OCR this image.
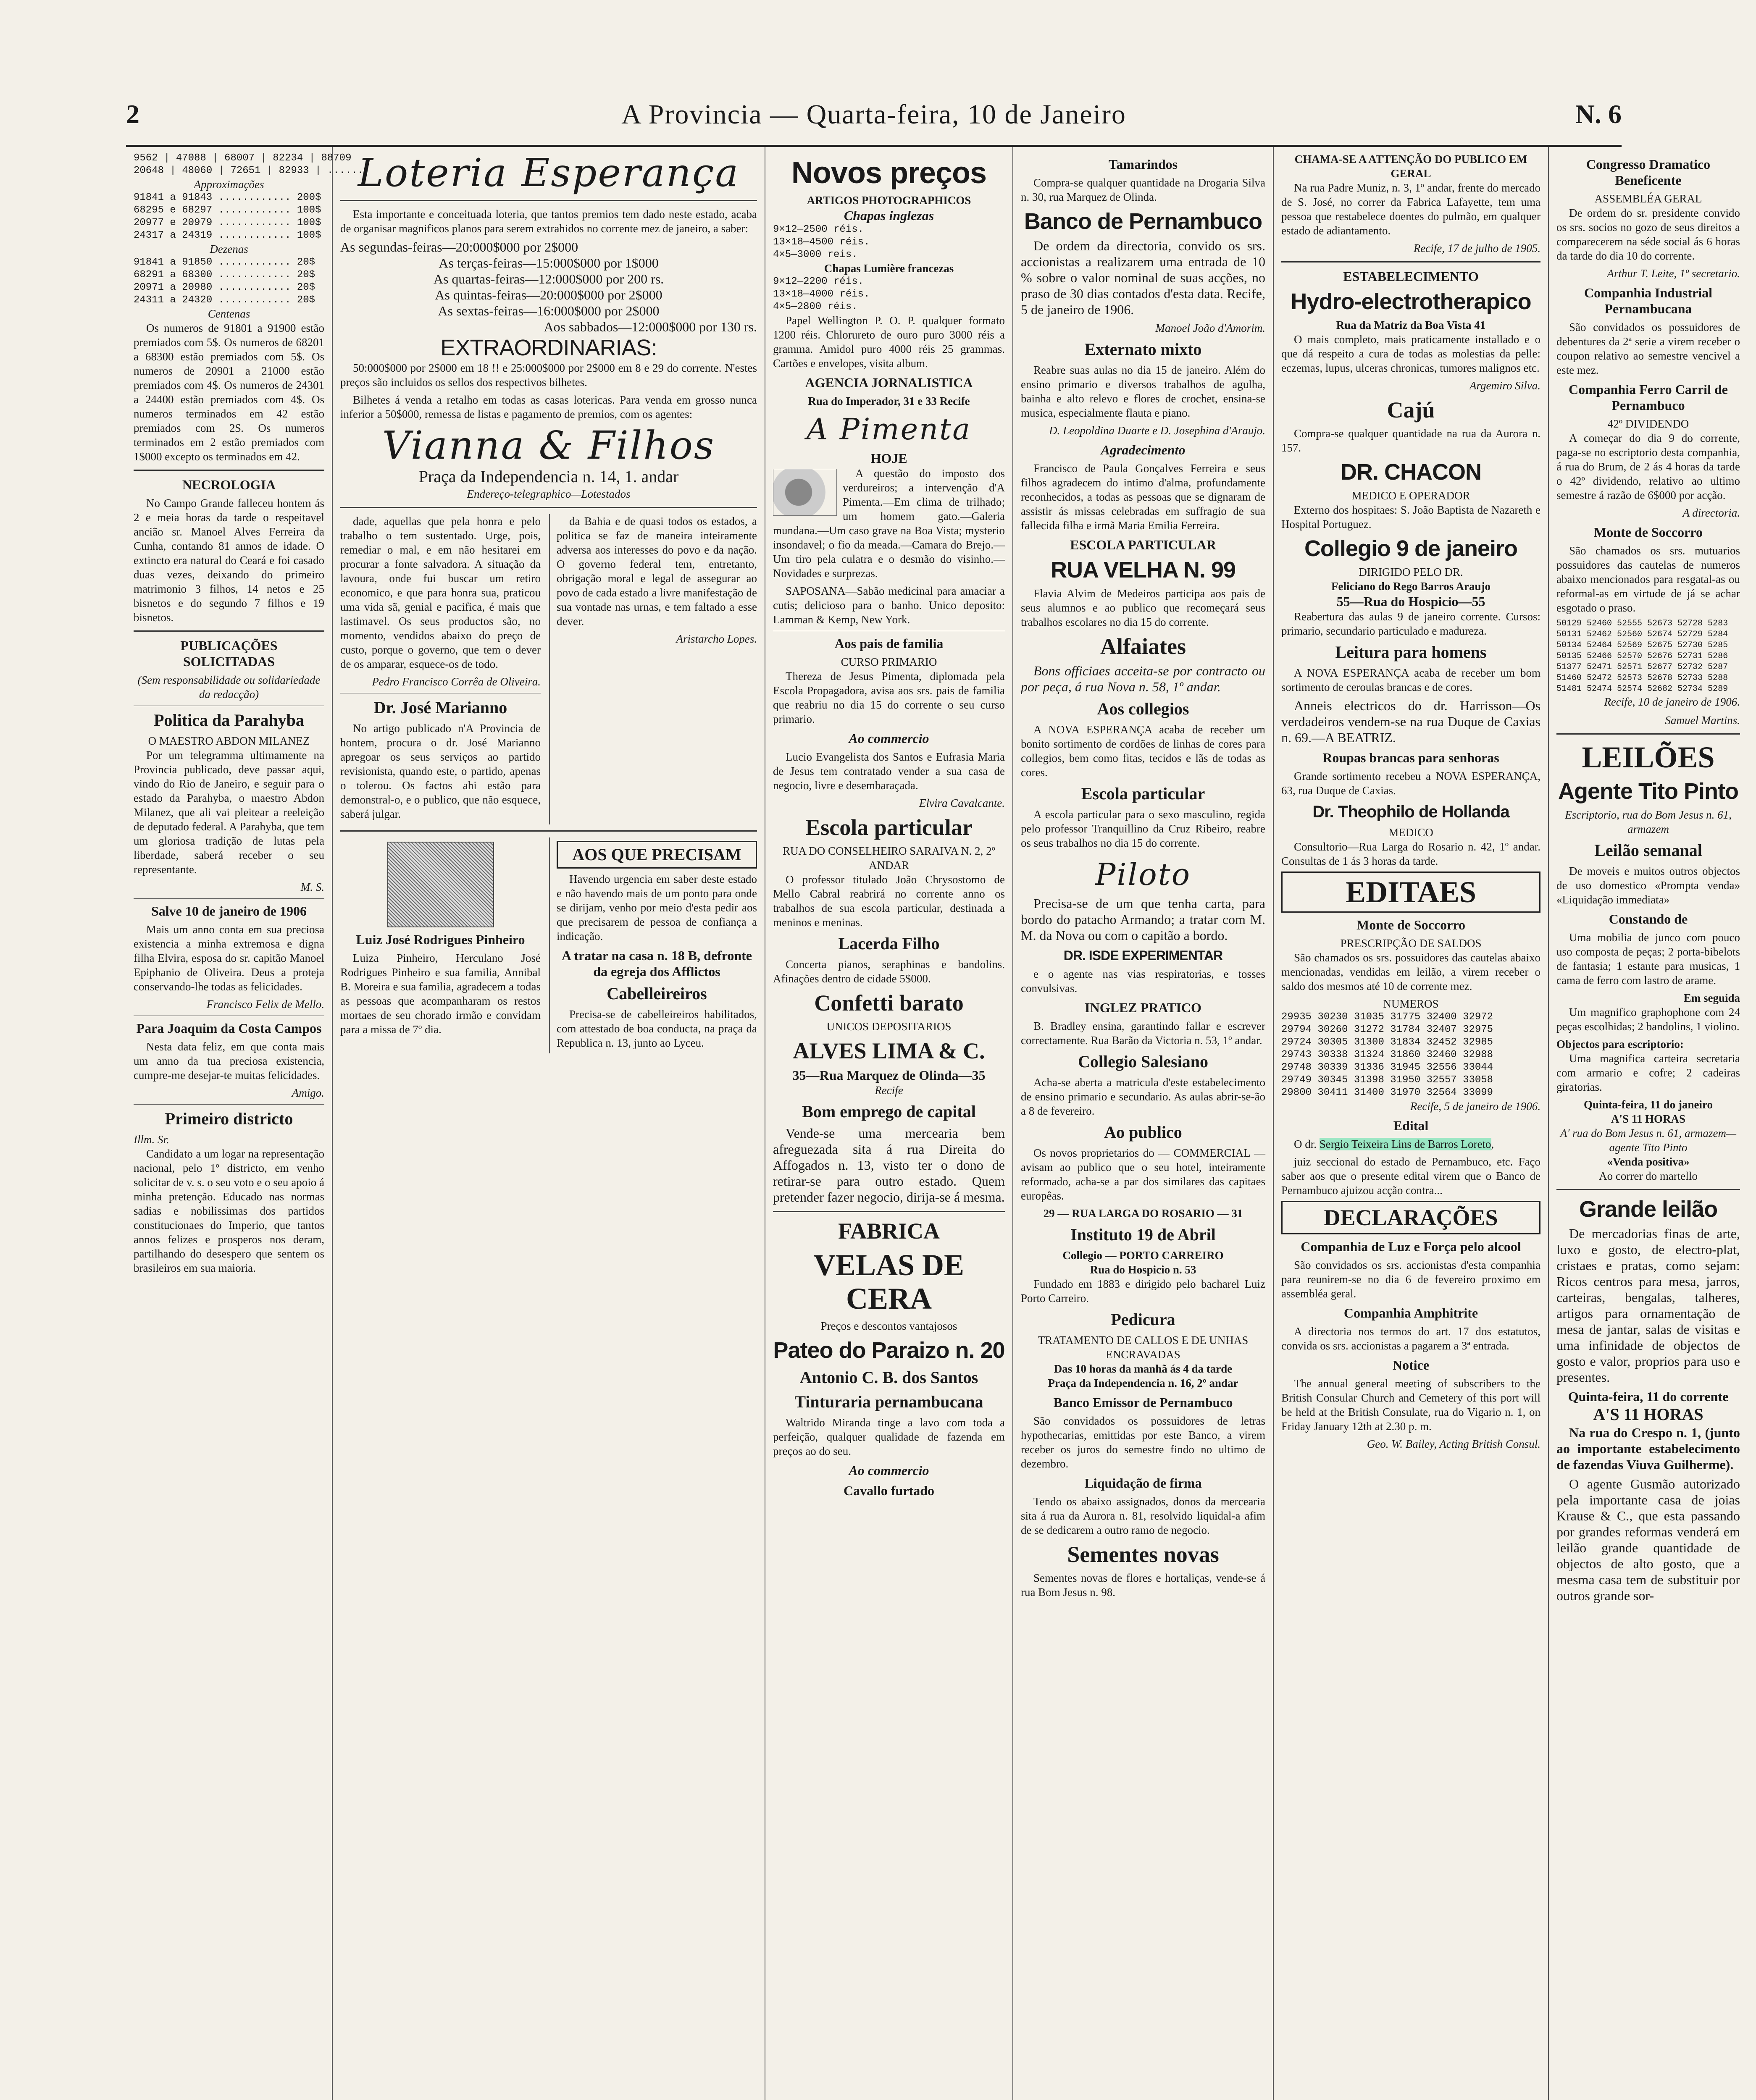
2	A Provincia — Quarta-feira, 10 de Janeiro	N. 6
9562 | 47088 | 68007 | 82234 | 88709
20648 | 48060 | 72651 | 82933 | ......
Approximações
91841 a 91843 ............ 200$
68295 e 68297 ............ 100$
20977 e 20979 ............ 100$
24317 a 24319 ............ 100$
Dezenas
91841 a 91850 ............ 20$
68291 a 68300 ............ 20$
20971 a 20980 ............ 20$
24311 a 24320 ............ 20$
Centenas

Os numeros de 91801 a 91900 estão premiados com 5$. Os numeros de 68201 a 68300 estão premiados com 5$. Os numeros de 20901 a 21000 estão premiados com 4$. Os numeros de 24301 a 24400 estão premiados com 4$. Os numeros terminados em 42 estão premiados com 2$. Os numeros terminados em 2 estão premiados com 1$000 excepto os terminados em 42.

NECROLOGIA

No Campo Grande falleceu hontem ás 2 e meia horas da tarde o respeitavel ancião sr. Manoel Alves Ferreira da Cunha, contando 81 annos de idade. O extincto era natural do Ceará e foi casado duas vezes, deixando do primeiro matrimonio 3 filhos, 14 netos e 25 bisnetos e do segundo 7 filhos e 19 bisnetos.

PUBLICAÇÕES SOLICITADAS
(Sem responsabilidade ou solidariedade da redacção)
Politica da Parahyba
O MAESTRO ABDON MILANEZ

Por um telegramma ultimamente na Provincia publicado, deve passar aqui, vindo do Rio de Janeiro, e seguir para o estado da Parahyba, o maestro Abdon Milanez, que ali vai pleitear a reeleição de deputado federal. A Parahyba, que tem um gloriosa tradição de lutas pela liberdade, saberá receber o seu representante.

M. S.
Salve 10 de janeiro de 1906

Mais um anno conta em sua preciosa existencia a minha extremosa e digna filha Elvira, esposa do sr. capitão Manoel Epiphanio de Oliveira. Deus a proteja conservando-lhe todas as felicidades.

Francisco Felix de Mello.
Para Joaquim da Costa Campos

Nesta data feliz, em que conta mais um anno da tua preciosa existencia, cumpre-me desejar-te muitas felicidades.

Amigo.
Primeiro districto
Illm. Sr.

Candidato a um logar na representação nacional, pelo 1º districto, em venho solicitar de v. s. o seu voto e o seu apoio á minha pretenção. Educado nas normas sadias e nobilissimas dos partidos constitucionaes do Imperio, que tantos annos felizes e prosperos nos deram, partilhando do desespero que sentem os brasileiros em sua maioria.

Loteria Esperança

Esta importante e conceituada loteria, que tantos premios tem dado neste estado, acaba de organisar magnificos planos para serem extrahidos no corrente mez de janeiro, a saber:

As segundas-feiras—20:000$000 por 2$000
As terças-feiras—15:000$000 por 1$000
As quartas-feiras—12:000$000 por 200 rs.
As quintas-feiras—20:000$000 por 2$000
As sextas-feiras—16:000$000 por 2$000
Aos sabbados—12:000$000 por 130 rs.
EXTRAORDINARIAS:

50:000$000 por 2$000 em 18 !! e 25:000$000 por 2$000 em 8 e 29 do corrente. N'estes preços são incluidos os sellos dos respectivos bilhetes.

Bilhetes á venda a retalho em todas as casas lotericas. Para venda em grosso nunca inferior a 50$000, remessa de listas e pagamento de premios, com os agentes:

Vianna & Filhos
Praça da Independencia n. 14, 1. andar
Endereço-telegraphico—Lotestados

dade, aquellas que pela honra e pelo trabalho o tem sustentado. Urge, pois, remediar o mal, e em não hesitarei em procurar a fonte salvadora. A situação da lavoura, onde fui buscar um retiro economico, e que para honra sua, praticou uma vida sã, genial e pacifica, é mais que lastimavel. Os seus productos são, no momento, vendidos abaixo do preço de custo, porque o governo, que tem o dever de os amparar, esquece-os de todo.

Pedro Francisco Corrêa de Oliveira.
Dr. José Marianno

No artigo publicado n'A Provincia de hontem, procura o dr. José Marianno apregoar os seus serviços ao partido revisionista, quando este, o partido, apenas o tolerou. Os factos ahi estão para demonstral-o, e o publico, que não esquece, saberá julgar.

da Bahia e de quasi todos os estados, a politica se faz de maneira inteiramente adversa aos interesses do povo e da nação. O governo federal tem, entretanto, obrigação moral e legal de assegurar ao povo de cada estado a livre manifestação de sua vontade nas urnas, e tem faltado a esse dever.

Aristarcho Lopes.
Luiz José Rodrigues Pinheiro

Luiza Pinheiro, Herculano José Rodrigues Pinheiro e sua familia, Annibal B. Moreira e sua familia, agradecem a todas as pessoas que acompanharam os restos mortaes de seu chorado irmão e convidam para a missa de 7º dia.

AOS QUE PRECISAM

Havendo urgencia em saber deste estado e não havendo mais de um ponto para onde se dirijam, venho por meio d'esta pedir aos que precisarem de pessoa de confiança a indicação.

A tratar na casa n. 18 B, defronte da egreja dos Afflictos
Cabelleireiros

Precisa-se de cabelleireiros habilitados, com attestado de boa conducta, na praça da Republica n. 13, junto ao Lyceu.

Novos preços
ARTIGOS PHOTOGRAPHICOS
Chapas inglezas
9×12—2500 réis.
13×18—4500 réis.
4×5—3000 reis.
Chapas Lumière francezas
9×12—2200 réis.
13×18—4000 réis.
4×5—2800 réis.

Papel Wellington P. O. P. qualquer formato 1200 réis. Chlorureto de ouro puro 3000 réis a gramma. Amidol puro 4000 réis 25 grammas. Cartões e envelopes, visita album.

AGENCIA JORNALISTICA
Rua do Imperador, 31 e 33 Recife
A Pimenta
HOJE

A questão do imposto dos verdureiros; a intervenção d'A Pimenta.—Em clima de trilhado; um homem gato.—Galeria mundana.—Um caso grave na Boa Vista; mysterio insondavel; o fio da meada.—Camara do Brejo.—Um tiro pela culatra e o desmão do visinho.—Novidades e surprezas.

SAPOSANA—Sabão medicinal para amaciar a cutis; delicioso para o banho. Unico deposito: Lamman & Kemp, New York.

Aos pais de familia
CURSO PRIMARIO

Thereza de Jesus Pimenta, diplomada pela Escola Propagadora, avisa aos srs. pais de familia que reabriu no dia 15 do corrente o seu curso primario.

Ao commercio

Lucio Evangelista dos Santos e Eufrasia Maria de Jesus tem contratado vender a sua casa de negocio, livre e desembaraçada.

Elvira Cavalcante.
Escola particular
RUA DO CONSELHEIRO SARAIVA N. 2, 2º ANDAR

O professor titulado João Chrysostomo de Mello Cabral reabrirá no corrente anno os trabalhos de sua escola particular, destinada a meninos e meninas.

Lacerda Filho

Concerta pianos, seraphinas e bandolins. Afinações dentro de cidade 5$000.

Confetti barato
UNICOS DEPOSITARIOS
ALVES LIMA & C.
35—Rua Marquez de Olinda—35
Recife
Bom emprego de capital

Vende-se uma mercearia bem afreguezada sita á rua Direita do Affogados n. 13, visto ter o dono de retirar-se para outro estado. Quem pretender fazer negocio, dirija-se á mesma.

FABRICA
VELAS DE CERA
Preços e descontos vantajosos
Pateo do Paraizo n. 20
Antonio C. B. dos Santos
Tinturaria pernambucana

Waltrido Miranda tinge a lavo com toda a perfeição, qualquer qualidade de fazenda em preços ao do seu.

Ao commercio
Cavallo furtado
Tamarindos

Compra-se qualquer quantidade na Drogaria Silva n. 30, rua Marquez de Olinda.

Banco de Pernambuco

De ordem da directoria, convido os srs. accionistas a realizarem uma entrada de 10 % sobre o valor nominal de suas acções, no praso de 30 dias contados d'esta data. Recife, 5 de janeiro de 1906.

Manoel João d'Amorim.
Externato mixto

Reabre suas aulas no dia 15 de janeiro. Além do ensino primario e diversos trabalhos de agulha, bainha e alto relevo e flores de crochet, ensina-se musica, especialmente flauta e piano.

D. Leopoldina Duarte e D. Josephina d'Araujo.
Agradecimento

Francisco de Paula Gonçalves Ferreira e seus filhos agradecem do intimo d'alma, profundamente reconhecidos, a todas as pessoas que se dignaram de assistir ás missas celebradas em suffragio de sua fallecida filha e irmã Maria Emilia Ferreira.

ESCOLA PARTICULAR
RUA VELHA N. 99

Flavia Alvim de Medeiros participa aos pais de seus alumnos e ao publico que recomeçará seus trabalhos escolares no dia 15 do corrente.

Alfaiates

Bons officiaes acceita-se por contracto ou por peça, á rua Nova n. 58, 1º andar.

Aos collegios

A NOVA ESPERANÇA acaba de receber um bonito sortimento de cordões de linhas de cores para collegios, bem como fitas, tecidos e lãs de todas as cores.

Escola particular

A escola particular para o sexo masculino, regida pelo professor Tranquillino da Cruz Ribeiro, reabre os seus trabalhos no dia 15 do corrente.

Piloto

Precisa-se de um que tenha carta, para bordo do patacho Armando; a tratar com M. M. da Nova ou com o capitão a bordo.

DR. ISDE EXPERIMENTAR

e o agente nas vias respiratorias, e tosses convulsivas.

INGLEZ PRATICO

B. Bradley ensina, garantindo fallar e escrever correctamente. Rua Barão da Victoria n. 53, 1º andar.

Collegio Salesiano

Acha-se aberta a matricula d'este estabelecimento de ensino primario e secundario. As aulas abrir-se-ão a 8 de fevereiro.

Ao publico

Os novos proprietarios do — COMMERCIAL — avisam ao publico que o seu hotel, inteiramente reformado, acha-se a par dos similares das capitaes europêas.

29 — RUA LARGA DO ROSARIO — 31
Instituto 19 de Abril
Collegio — PORTO CARREIRO
Rua do Hospicio n. 53

Fundado em 1883 e dirigido pelo bacharel Luiz Porto Carreiro.

Pedicura
TRATAMENTO DE CALLOS E DE UNHAS ENCRAVADAS
Das 10 horas da manhã ás 4 da tarde
Praça da Independencia n. 16, 2º andar
Banco Emissor de Pernambuco

São convidados os possuidores de letras hypothecarias, emittidas por este Banco, a virem receber os juros do semestre findo no ultimo de dezembro.

Liquidação de firma

Tendo os abaixo assignados, donos da mercearia sita á rua da Aurora n. 81, resolvido liquidal-a afim de se dedicarem a outro ramo de negocio.

Sementes novas

Sementes novas de flores e hortaliças, vende-se á rua Bom Jesus n. 98.

CHAMA-SE A ATTENÇÃO DO PUBLICO EM GERAL

Na rua Padre Muniz, n. 3, 1º andar, frente do mercado de S. José, no correr da Fabrica Lafayette, tem uma pessoa que restabelece doentes do pulmão, em qualquer estado de adiantamento.

Recife, 17 de julho de 1905.
ESTABELECIMENTO
Hydro-electrotherapico
Rua da Matriz da Boa Vista 41

O mais completo, mais praticamente installado e o que dá respeito a cura de todas as molestias da pelle: eczemas, lupus, ulceras chronicas, tumores malignos etc.

Argemiro Silva.
Cajú

Compra-se qualquer quantidade na rua da Aurora n. 157.

DR. CHACON
MEDICO E OPERADOR

Externo dos hospitaes: S. João Baptista de Nazareth e Hospital Portuguez.

Collegio 9 de janeiro
DIRIGIDO PELO DR.
Feliciano do Rego Barros Araujo
55—Rua do Hospicio—55

Reabertura das aulas 9 de janeiro corrente. Cursos: primario, secundario particulado e madureza.

Leitura para homens

A NOVA ESPERANÇA acaba de receber um bom sortimento de ceroulas brancas e de cores.

Anneis electricos do dr. Harrisson—Os verdadeiros vendem-se na rua Duque de Caxias n. 69.—A BEATRIZ.

Roupas brancas para senhoras

Grande sortimento recebeu a NOVA ESPERANÇA, 63, rua Duque de Caxias.

Dr. Theophilo de Hollanda
MEDICO

Consultorio—Rua Larga do Rosario n. 42, 1º andar. Consultas de 1 ás 3 horas da tarde.

EDITAES
Monte de Soccorro
PRESCRIPÇÃO DE SALDOS

São chamados os srs. possuidores das cautelas abaixo mencionadas, vendidas em leilão, a virem receber o saldo dos mesmos até 10 de corrente mez.

NUMEROS
29935 30230 31035 31775 32400 32972
29794 30260 31272 31784 32407 32975
29724 30305 31300 31834 32452 32985
29743 30338 31324 31860 32460 32988
29748 30339 31336 31945 32556 33044
29749 30345 31398 31950 32557 33058
29800 30411 31400 31970 32564 33099
Recife, 5 de janeiro de 1906.
Edital

O dr. Sergio Teixeira Lins de Barros Loreto,

juiz seccional do estado de Pernambuco, etc. Faço saber aos que o presente edital virem que o Banco de Pernambuco ajuizou acção contra...

DECLARAÇÕES
Companhia de Luz e Força pelo alcool

São convidados os srs. accionistas d'esta companhia para reunirem-se no dia 6 de fevereiro proximo em assembléa geral.

Companhia Amphitrite

A directoria nos termos do art. 17 dos estatutos, convida os srs. accionistas a pagarem a 3ª entrada.

Notice

The annual general meeting of subscribers to the British Consular Church and Cemetery of this port will be held at the British Consulate, rua do Vigario n. 1, on Friday January 12th at 2.30 p. m.

Geo. W. Bailey, Acting British Consul.
Congresso Dramatico Beneficente
ASSEMBLÉA GERAL

De ordem do sr. presidente convido os srs. socios no gozo de seus direitos a comparecerem na séde social ás 6 horas da tarde do dia 10 do corrente.

Arthur T. Leite, 1º secretario.
Companhia Industrial Pernambucana

São convidados os possuidores de debentures da 2ª serie a virem receber o coupon relativo ao semestre vencivel a este mez.

Companhia Ferro Carril de Pernambuco
42º DIVIDENDO

A começar do dia 9 do corrente, paga-se no escriptorio desta companhia, á rua do Brum, de 2 ás 4 horas da tarde o 42º dividendo, relativo ao ultimo semestre á razão de 6$000 por acção.

A directoria.
Monte de Soccorro

São chamados os srs. mutuarios possuidores das cautelas de numeros abaixo mencionados para resgatal-as ou reformal-as em virtude de já se achar esgotado o praso.

50129 52460 52555 52673 52728 5283
50131 52462 52560 52674 52729 5284
50134 52464 52569 52675 52730 5285
50135 52466 52570 52676 52731 5286
51377 52471 52571 52677 52732 5287
51460 52472 52573 52678 52733 5288
51481 52474 52574 52682 52734 5289
Recife, 10 de janeiro de 1906.
Samuel Martins.
LEILÕES
Agente Tito Pinto
Escriptorio, rua do Bom Jesus n. 61, armazem
Leilão semanal

De moveis e muitos outros objectos de uso domestico «Prompta venda» «Liquidação immediata»

Constando de

Uma mobilia de junco com pouco uso composta de peças; 2 porta-bibelots de fantasia; 1 estante para musicas, 1 cama de ferro com lastro de arame.

Em seguida

Um magnifico graphophone com 24 peças escolhidas; 2 bandolins, 1 violino.

Objectos para escriptorio:

Uma magnifica carteira secretaria com armario e cofre; 2 cadeiras giratorias.

Quinta-feira, 11 do janeiro
A'S 11 HORAS
A' rua do Bom Jesus n. 61, armazem—agente Tito Pinto
«Venda positiva»
Ao correr do martello
Grande leilão

De mercadorias finas de arte, luxo e gosto, de electro-plat, cristaes e pratas, como sejam: Ricos centros para mesa, jarros, carteiras, bengalas, talheres, artigos para ornamentação de mesa de jantar, salas de visitas e uma infinidade de objectos de gosto e valor, proprios para uso e presentes.

Quinta-feira, 11 do corrente
A'S 11 HORAS

Na rua do Crespo n. 1, (junto ao importante estabelecimento de fazendas Viuva Guilherme).

O agente Gusmão autorizado pela importante casa de joias Krause & C., que esta passando por grandes reformas venderá em leilão grande quantidade de objectos de alto gosto, que a mesma casa tem de substituir por outros grande sor-
